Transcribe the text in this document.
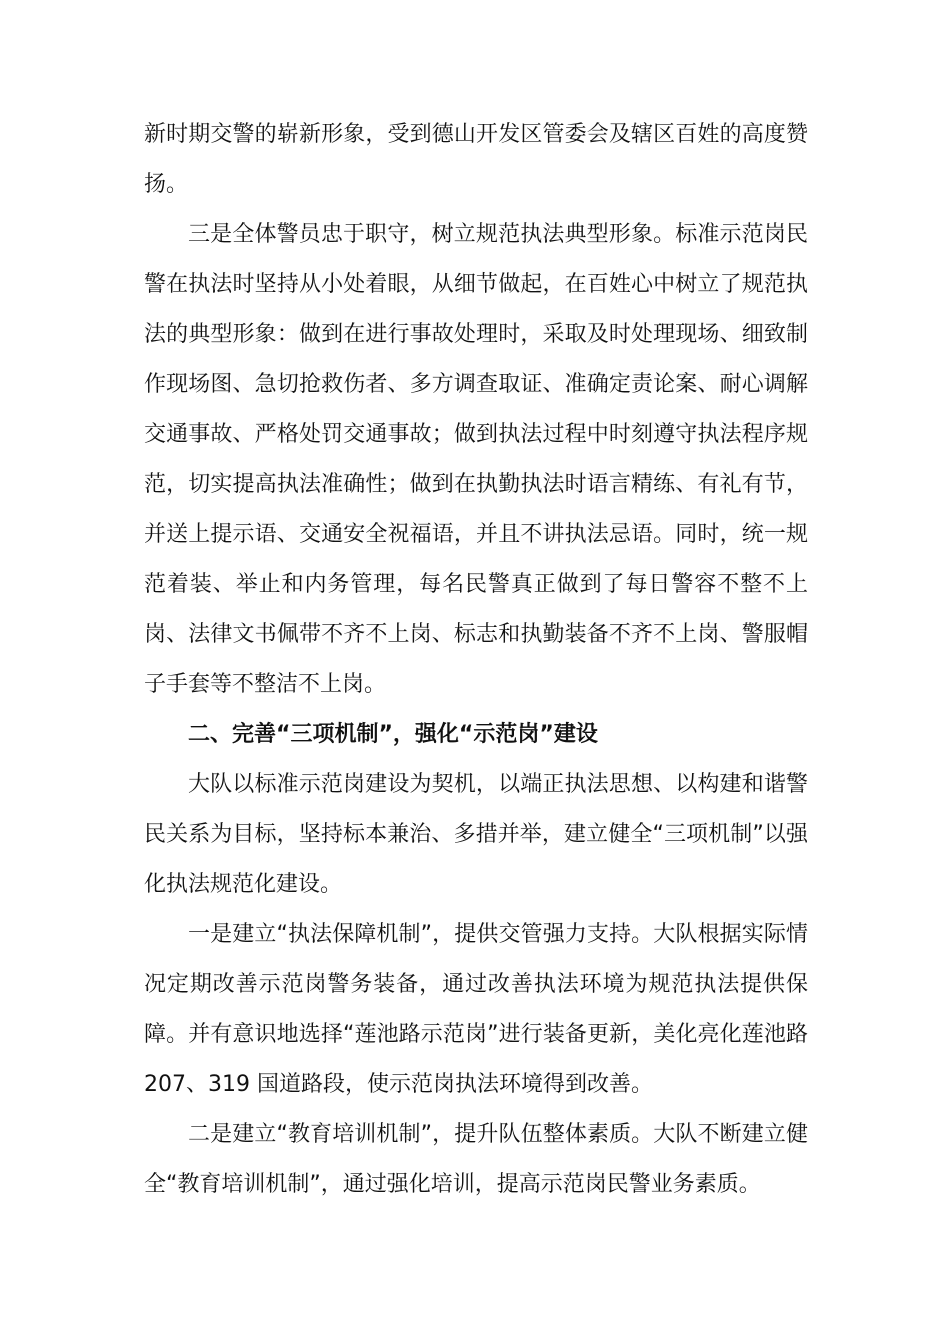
新时期交警的崭新形象，受到德山开发区管委会及辖区百姓的高度赞扬。

三是全体警员忠于职守，树立规范执法典型形象。标准示范岗民警在执法时坚持从小处着眼，从细节做起，在百姓心中树立了规范执法的典型形象：做到在进行事故处理时，采取及时处理现场、细致制作现场图、急切抢救伤者、多方调查取证、准确定责论案、耐心调解交通事故、严格处罚交通事故；做到执法过程中时刻遵守执法程序规范，切实提高执法准确性；做到在执勤执法时语言精练、有礼有节，并送上提示语、交通安全祝福语，并且不讲执法忌语。同时，统一规范着装、举止和内务管理，每名民警真正做到了每日警容不整不上岗、法律文书佩带不齐不上岗、标志和执勤装备不齐不上岗、警服帽子手套等不整洁不上岗。

二、完善“三项机制”，强化“示范岗”建设

大队以标准示范岗建设为契机，以端正执法思想、以构建和谐警民关系为目标，坚持标本兼治、多措并举，建立健全“三项机制”以强化执法规范化建设。

一是建立“执法保障机制”，提供交管强力支持。大队根据实际情况定期改善示范岗警务装备，通过改善执法环境为规范执法提供保障。并有意识地选择“莲池路示范岗”进行装备更新，美化亮化莲池路 207、319 国道路段，使示范岗执法环境得到改善。

二是建立“教育培训机制”，提升队伍整体素质。大队不断建立健全“教育培训机制”，通过强化培训，提高示范岗民警业务素质。
